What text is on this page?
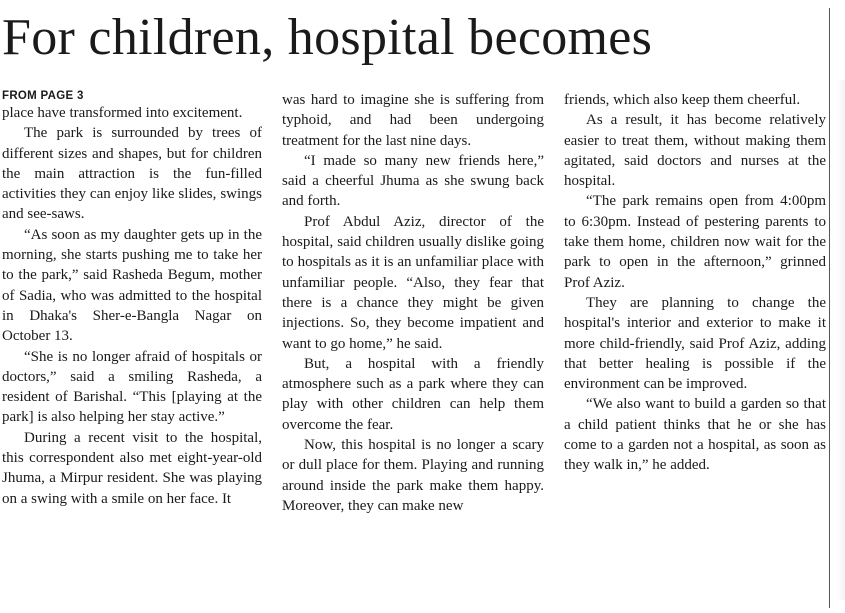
For children, hospital becomes
FROM PAGE 3

place have transformed into excitement.

The park is surrounded by trees of different sizes and shapes, but for children the main attraction is the fun-filled activities they can enjoy like slides, swings and see-saws.

“As soon as my daughter gets up in the morning, she starts pushing me to take her to the park,” said Rasheda Begum, mother of Sadia, who was admitted to the hospital in Dhaka's Sher-e-Bangla Nagar on October 13.

“She is no longer afraid of hospitals or doctors,” said a smiling Rasheda, a resident of Barishal. “This [playing at the park] is also helping her stay active.”

During a recent visit to the hospital, this correspondent also met eight-year-old Jhuma, a Mirpur resident. She was playing on a swing with a smile on her face. It

was hard to imagine she is suffering from typhoid, and had been undergoing treatment for the last nine days.

“I made so many new friends here,” said a cheerful Jhuma as she swung back and forth.

Prof Abdul Aziz, director of the hospital, said children usually dislike going to hospitals as it is an unfamiliar place with unfamiliar people. “Also, they fear that there is a chance they might be given injections. So, they become impatient and want to go home,” he said.

But, a hospital with a friendly atmosphere such as a park where they can play with other children can help them overcome the fear.

Now, this hospital is no longer a scary or dull place for them. Playing and running around inside the park make them happy. Moreover, they can make new

friends, which also keep them cheerful.

As a result, it has become relatively easier to treat them, without making them agitated, said doctors and nurses at the hospital.

“The park remains open from 4:00pm to 6:30pm. Instead of pestering parents to take them home, children now wait for the park to open in the afternoon,” grinned Prof Aziz.

They are planning to change the hospital's interior and exterior to make it more child-friendly, said Prof Aziz, adding that better healing is possible if the environment can be improved.

“We also want to build a garden so that a child patient thinks that he or she has come to a garden not a hospital, as soon as they walk in,” he added.
